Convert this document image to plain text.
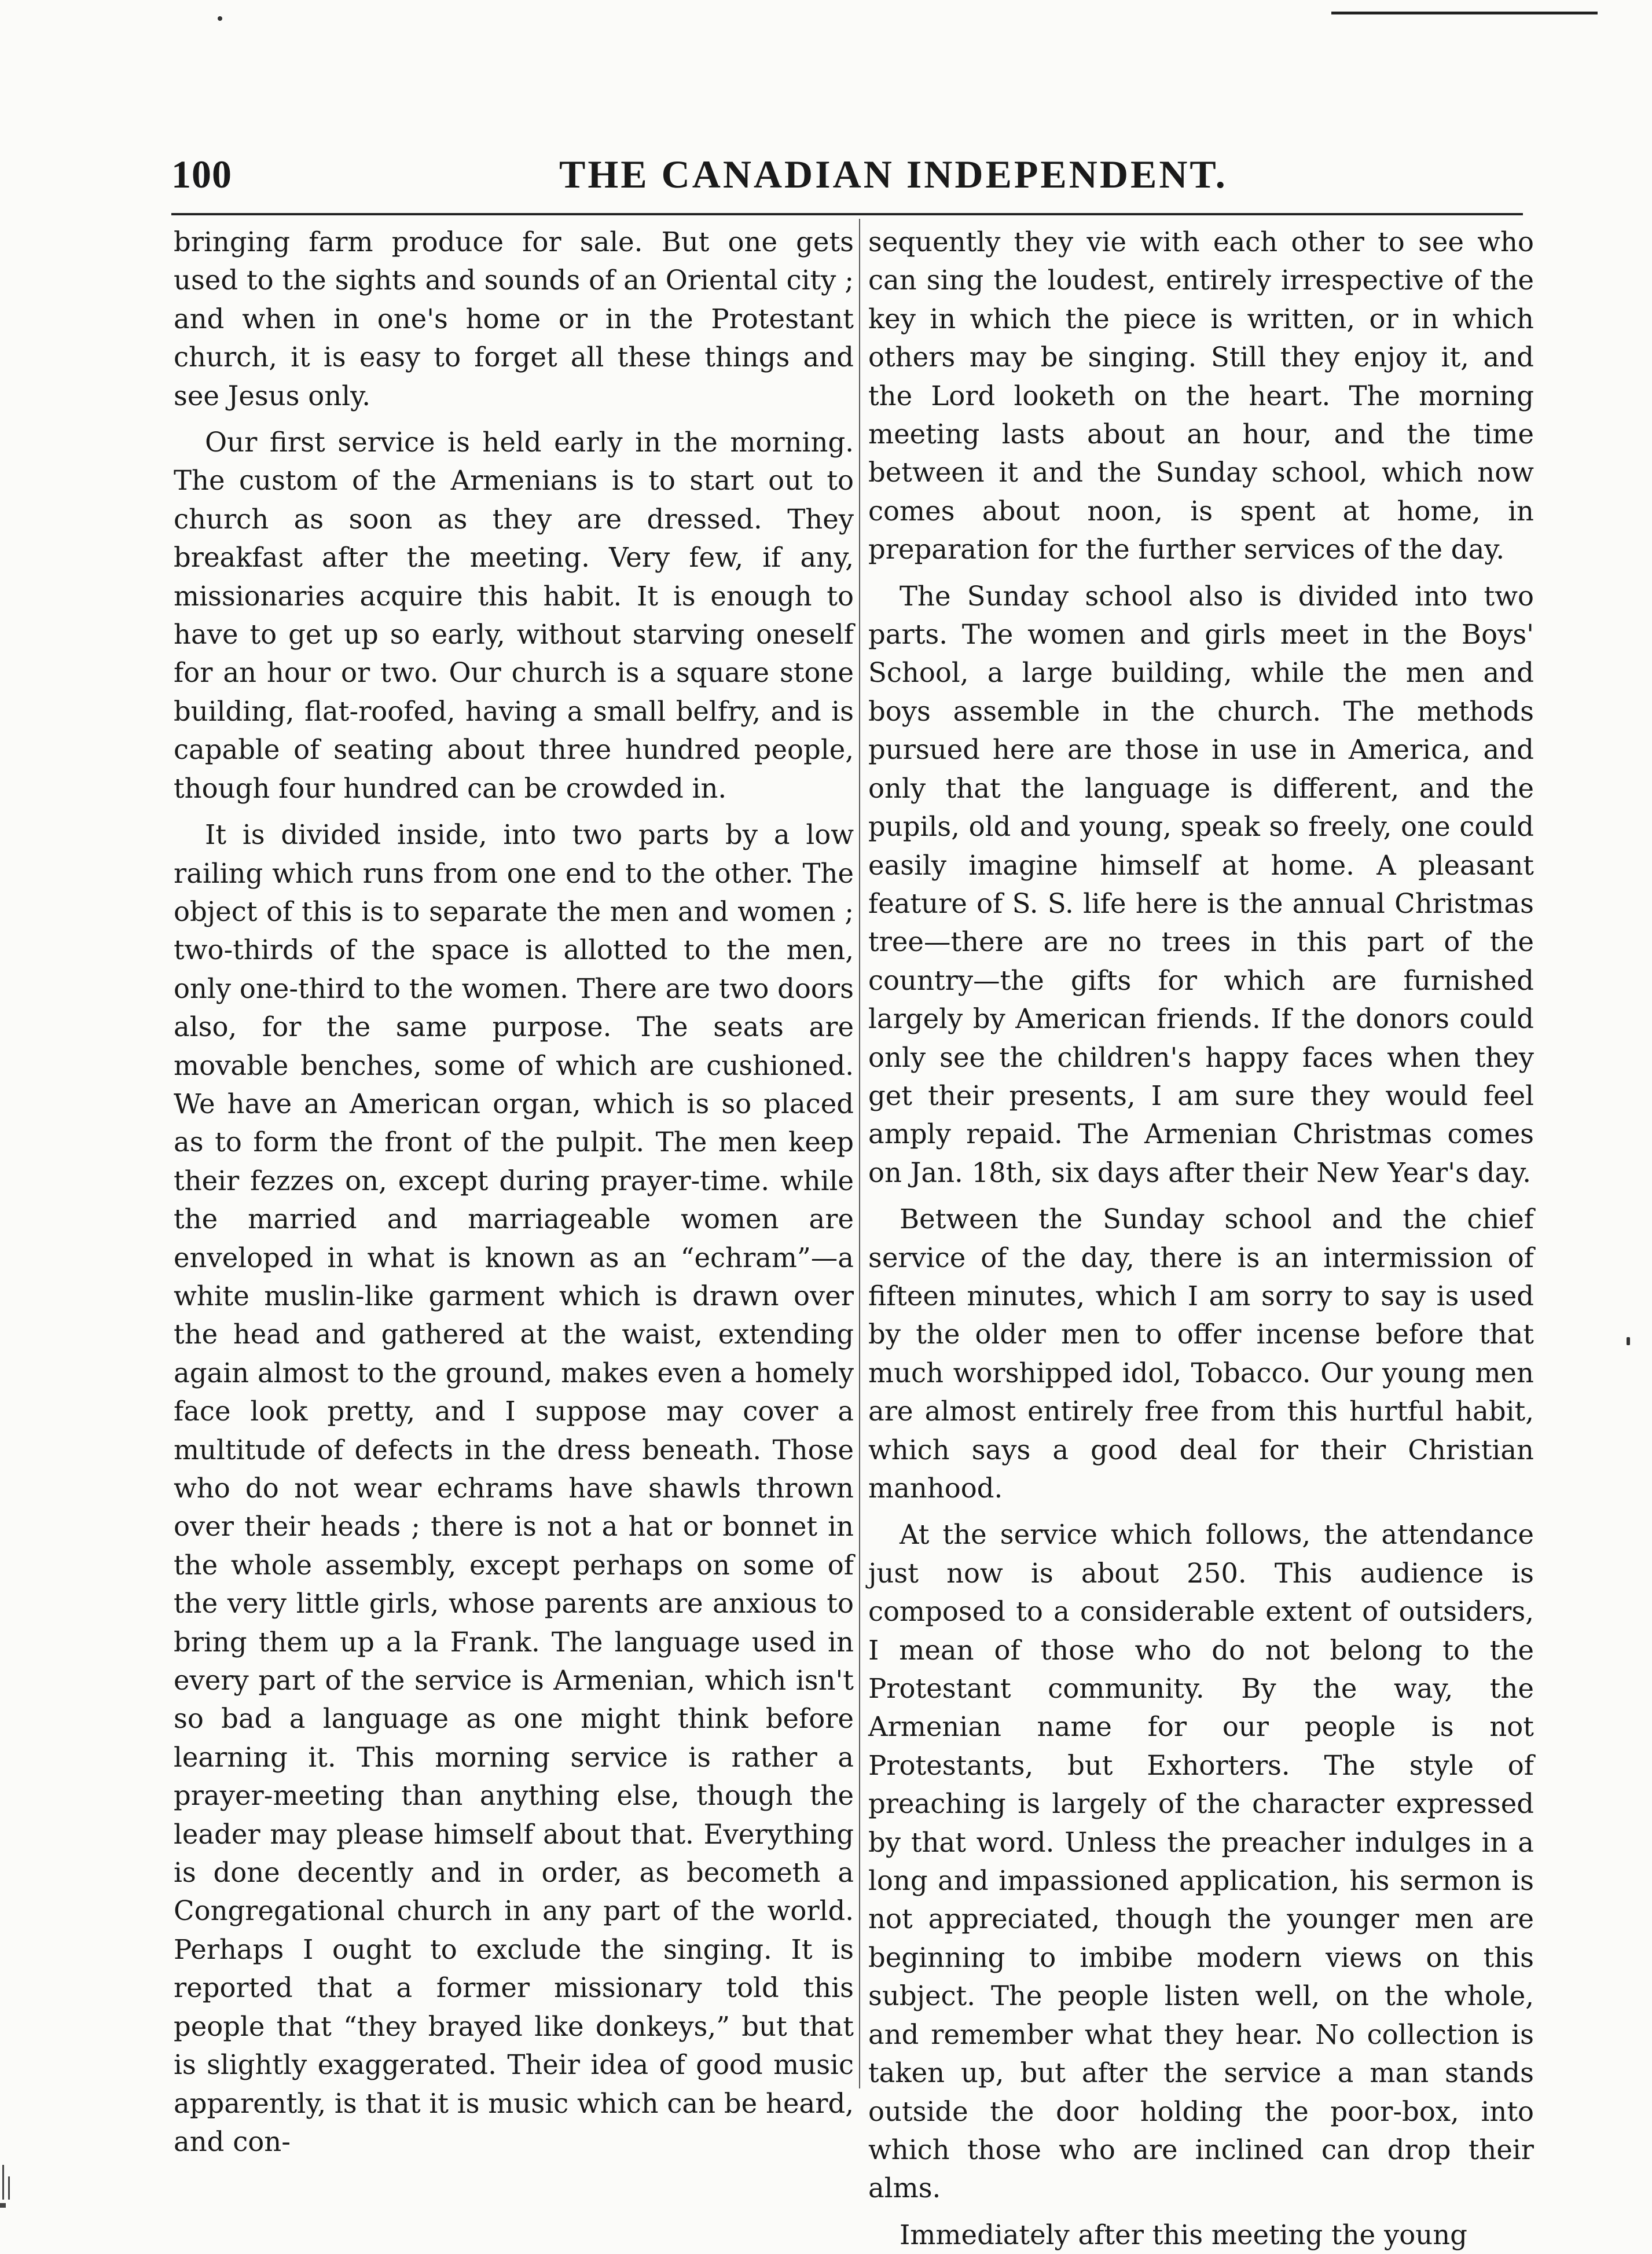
100	THE CANADIAN INDEPENDENT.

bringing farm produce for sale. But one gets used to the sights and sounds of an Oriental city ; and when in one's home or in the Protestant church, it is easy to forget all these things and see Jesus only.

Our first service is held early in the morning. The custom of the Armenians is to start out to church as soon as they are dressed. They breakfast after the meeting. Very few, if any, missionaries acquire this habit. It is enough to have to get up so early, without starving oneself for an hour or two. Our church is a square stone building, flat-roofed, having a small belfry, and is capable of seating about three hundred people, though four hundred can be crowded in.

It is divided inside, into two parts by a low railing which runs from one end to the other. The object of this is to separate the men and women ; two-thirds of the space is allotted to the men, only one-third to the women. There are two doors also, for the same purpose. The seats are movable benches, some of which are cushioned. We have an American organ, which is so placed as to form the front of the pulpit. The men keep their fezzes on, except during prayer-time. while the married and marriageable women are enveloped in what is known as an “echram”—a white muslin-like garment which is drawn over the head and gathered at the waist, extending again almost to the ground, makes even a homely face look pretty, and I suppose may cover a multitude of defects in the dress beneath. Those who do not wear echrams have shawls thrown over their heads ; there is not a hat or bonnet in the whole assembly, except perhaps on some of the very little girls, whose parents are anxious to bring them up a la Frank. The language used in every part of the service is Armenian, which isn't so bad a language as one might think before learning it. This morning service is rather a prayer-meeting than anything else, though the leader may please himself about that. Everything is done decently and in order, as becometh a Congregational church in any part of the world. Perhaps I ought to exclude the singing. It is reported that a former missionary told this people that “they brayed like donkeys,” but that is slightly exaggerated. Their idea of good music apparently, is that it is music which can be heard, and con-

sequently they vie with each other to see who can sing the loudest, entirely irrespective of the key in which the piece is written, or in which others may be singing. Still they enjoy it, and the Lord looketh on the heart. The morning meeting lasts about an hour, and the time between it and the Sunday school, which now comes about noon, is spent at home, in preparation for the further services of the day.

The Sunday school also is divided into two parts. The women and girls meet in the Boys' School, a large building, while the men and boys assemble in the church. The methods pursued here are those in use in America, and only that the language is different, and the pupils, old and young, speak so freely, one could easily imagine himself at home. A pleasant feature of S. S. life here is the annual Christmas tree—there are no trees in this part of the country—the gifts for which are furnished largely by American friends. If the donors could only see the children's happy faces when they get their presents, I am sure they would feel amply repaid. The Armenian Christmas comes on Jan. 18th, six days after their New Year's day.

Between the Sunday school and the chief service of the day, there is an intermission of fifteen minutes, which I am sorry to say is used by the older men to offer incense before that much worshipped idol, Tobacco. Our young men are almost entirely free from this hurtful habit, which says a good deal for their Christian manhood.

At the service which follows, the attendance just now is about 250. This audience is composed to a considerable extent of outsiders, I mean of those who do not belong to the Protestant community. By the way, the Armenian name for our people is not Protestants, but Exhorters. The style of preaching is largely of the character expressed by that word. Unless the preacher indulges in a long and impassioned application, his sermon is not appreciated, though the younger men are beginning to imbibe modern views on this subject. The people listen well, on the whole, and remember what they hear. No collection is taken up, but after the service a man stands outside the door holding the poor-box, into which those who are inclined can drop their alms.

Immediately after this meeting the young
